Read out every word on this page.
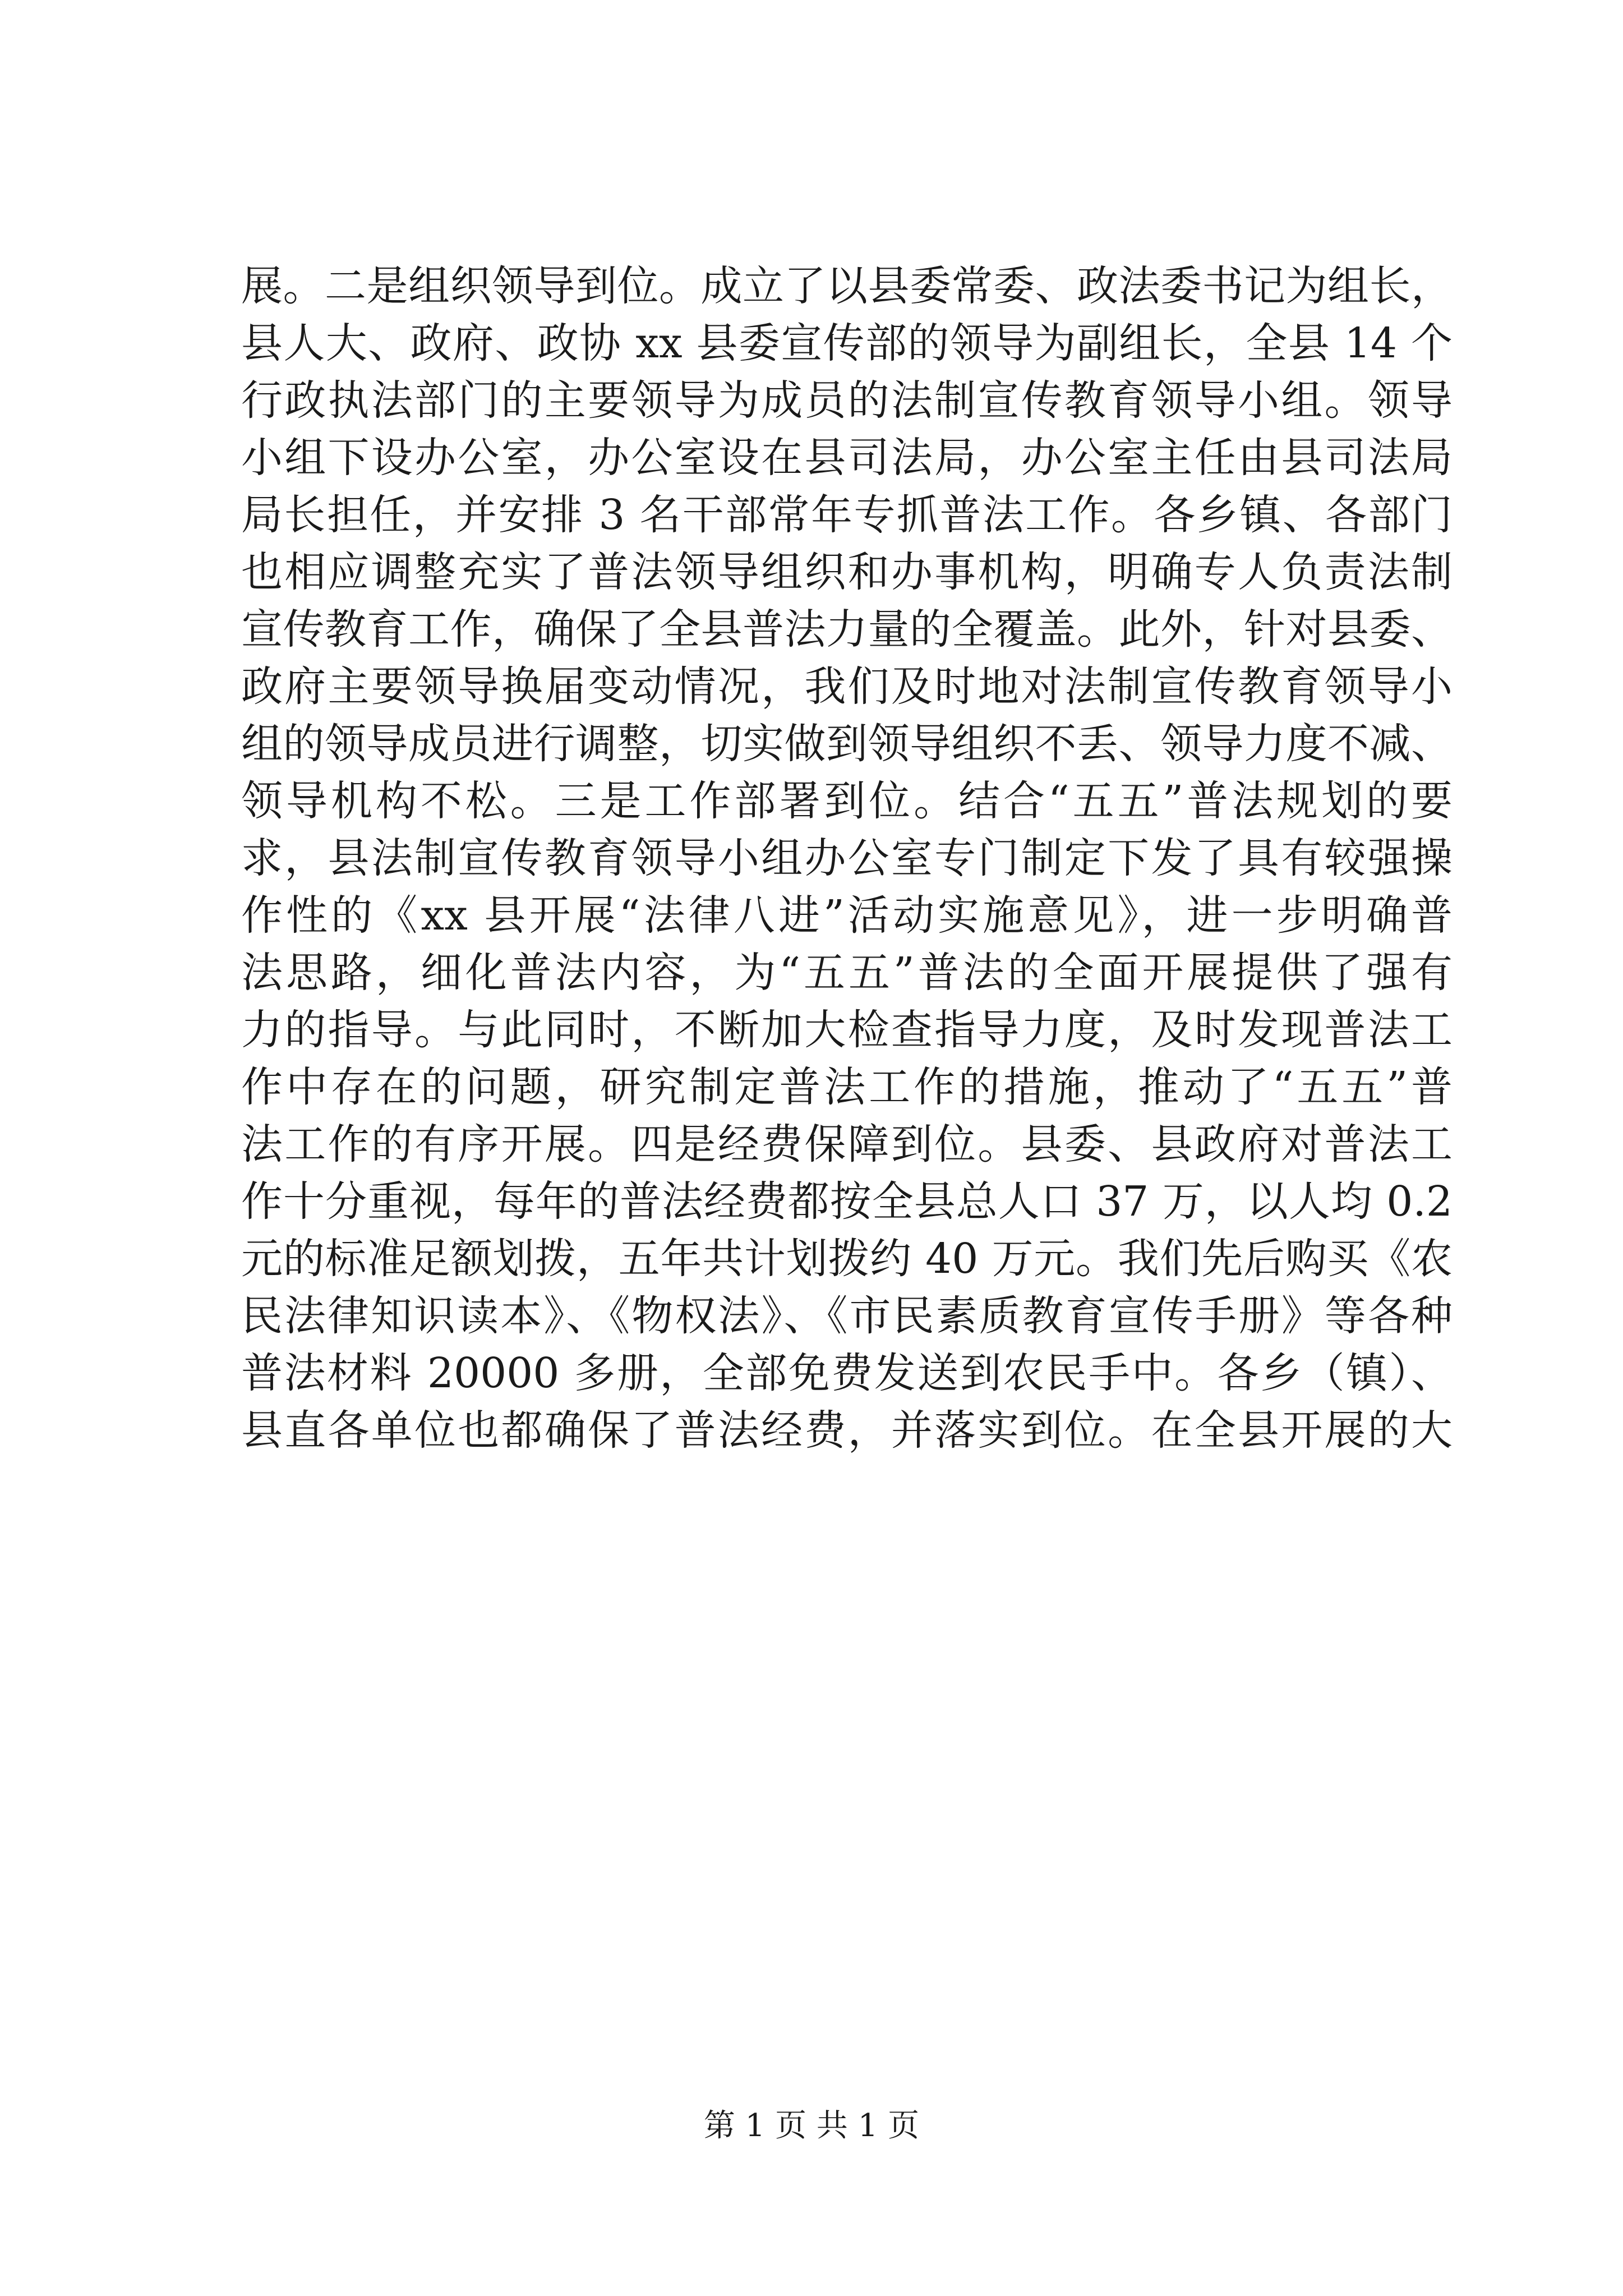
展。二是组织领导到位。成立了以县委常委、政法委书记为组长，
县人大、政府、政协 xx 县委宣传部的领导为副组长，全县 14 个
行政执法部门的主要领导为成员的法制宣传教育领导小组。领导
小组下设办公室，办公室设在县司法局，办公室主任由县司法局
局长担任，并安排 3 名干部常年专抓普法工作。各乡镇、各部门
也相应调整充实了普法领导组织和办事机构，明确专人负责法制
宣传教育工作，确保了全县普法力量的全覆盖。此外，针对县委、
政府主要领导换届变动情况，我们及时地对法制宣传教育领导小
组的领导成员进行调整，切实做到领导组织不丢、领导力度不减、
领导机构不松。三是工作部署到位。结合“五五”普法规划的要
求，县法制宣传教育领导小组办公室专门制定下发了具有较强操
作性的《xx 县开展“法律八进”活动实施意见》，进一步明确普
法思路，细化普法内容，为“五五”普法的全面开展提供了强有
力的指导。与此同时，不断加大检查指导力度，及时发现普法工
作中存在的问题，研究制定普法工作的措施，推动了“五五”普
法工作的有序开展。四是经费保障到位。县委、县政府对普法工
作十分重视，每年的普法经费都按全县总人口 37 万，以人均 0.2
元的标准足额划拨，五年共计划拨约 40 万元。我们先后购买《农
民法律知识读本》、《物权法》、《市民素质教育宣传手册》等各种
普法材料 20000 多册，全部免费发送到农民手中。各乡（镇）、
县直各单位也都确保了普法经费，并落实到位。在全县开展的大
第 1 页 共 1 页
